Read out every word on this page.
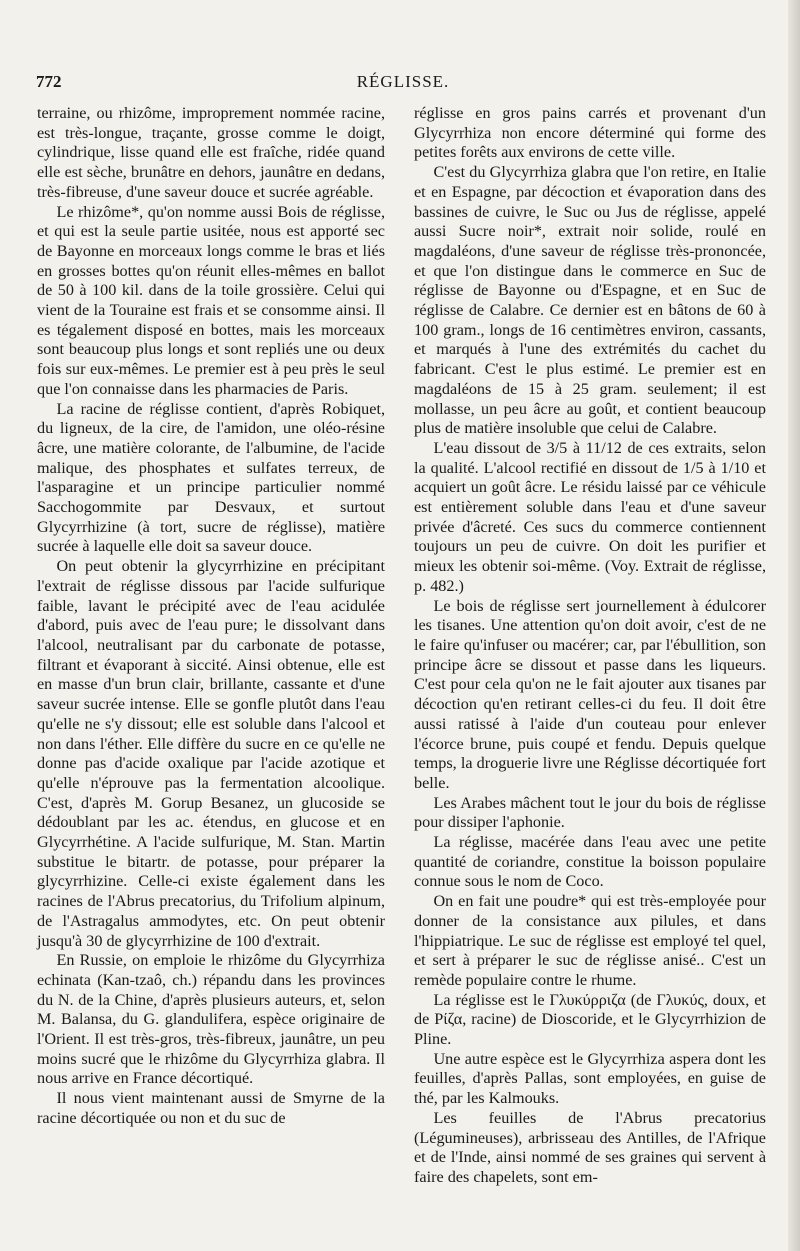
772	RÉGLISSE.

terraine, ou rhizôme, improprement nommée racine, est très-longue, traçante, grosse comme le doigt, cylindrique, lisse quand elle est fraîche, ridée quand elle est sèche, brunâtre en dehors, jaunâtre en dedans, très-fibreuse, d'une saveur douce et sucrée agréable.

Le rhizôme*, qu'on nomme aussi Bois de réglisse, et qui est la seule partie usitée, nous est apporté sec de Bayonne en morceaux longs comme le bras et liés en grosses bottes qu'on réunit elles-mêmes en ballot de 50 à 100 kil. dans de la toile grossière. Celui qui vient de la Touraine est frais et se consomme ainsi. Il es tégalement disposé en bottes, mais les morceaux sont beaucoup plus longs et sont repliés une ou deux fois sur eux-mêmes. Le premier est à peu près le seul que l'on connaisse dans les pharmacies de Paris.

La racine de réglisse contient, d'après Robiquet, du ligneux, de la cire, de l'amidon, une oléo-résine âcre, une matière colorante, de l'albumine, de l'acide malique, des phosphates et sulfates terreux, de l'asparagine et un principe particulier nommé Sacchogommite par Desvaux, et surtout Glycyrrhizine (à tort, sucre de réglisse), matière sucrée à laquelle elle doit sa saveur douce.

On peut obtenir la glycyrrhizine en précipitant l'extrait de réglisse dissous par l'acide sulfurique faible, lavant le précipité avec de l'eau acidulée d'abord, puis avec de l'eau pure; le dissolvant dans l'alcool, neutralisant par du carbonate de potasse, filtrant et évaporant à siccité. Ainsi obtenue, elle est en masse d'un brun clair, brillante, cassante et d'une saveur sucrée intense. Elle se gonfle plutôt dans l'eau qu'elle ne s'y dissout; elle est soluble dans l'alcool et non dans l'éther. Elle diffère du sucre en ce qu'elle ne donne pas d'acide oxalique par l'acide azotique et qu'elle n'éprouve pas la fermentation alcoolique. C'est, d'après M. Gorup Besanez, un glucoside se dédoublant par les ac. étendus, en glucose et en Glycyrrhétine. A l'acide sulfurique, M. Stan. Martin substitue le bitartr. de potasse, pour préparer la glycyrrhizine. Celle-ci existe également dans les racines de l'Abrus precatorius, du Trifolium alpinum, de l'Astragalus ammodytes, etc. On peut obtenir jusqu'à 30 de glycyrrhizine de 100 d'extrait.

En Russie, on emploie le rhizôme du Glycyrrhiza echinata (Kan-tzaô, ch.) répandu dans les provinces du N. de la Chine, d'après plusieurs auteurs, et, selon M. Balansa, du G. glandulifera, espèce originaire de l'Orient. Il est très-gros, très-fibreux, jaunâtre, un peu moins sucré que le rhizôme du Glycyrrhiza glabra. Il nous arrive en France décortiqué.

Il nous vient maintenant aussi de Smyrne de la racine décortiquée ou non et du suc de

réglisse en gros pains carrés et provenant d'un Glycyrrhiza non encore déterminé qui forme des petites forêts aux environs de cette ville.

C'est du Glycyrrhiza glabra que l'on retire, en Italie et en Espagne, par décoction et évaporation dans des bassines de cuivre, le Suc ou Jus de réglisse, appelé aussi Sucre noir*, extrait noir solide, roulé en magdaléons, d'une saveur de réglisse très-prononcée, et que l'on distingue dans le commerce en Suc de réglisse de Bayonne ou d'Espagne, et en Suc de réglisse de Calabre. Ce dernier est en bâtons de 60 à 100 gram., longs de 16 centimètres environ, cassants, et marqués à l'une des extrémités du cachet du fabricant. C'est le plus estimé. Le premier est en magdaléons de 15 à 25 gram. seulement; il est mollasse, un peu âcre au goût, et contient beaucoup plus de matière insoluble que celui de Calabre.

L'eau dissout de 3/5 à 11/12 de ces extraits, selon la qualité. L'alcool rectifié en dissout de 1/5 à 1/10 et acquiert un goût âcre. Le résidu laissé par ce véhicule est entièrement soluble dans l'eau et d'une saveur privée d'âcreté. Ces sucs du commerce contiennent toujours un peu de cuivre. On doit les purifier et mieux les obtenir soi-même. (Voy. Extrait de réglisse, p. 482.)

Le bois de réglisse sert journellement à édulcorer les tisanes. Une attention qu'on doit avoir, c'est de ne le faire qu'infuser ou macérer; car, par l'ébullition, son principe âcre se dissout et passe dans les liqueurs. C'est pour cela qu'on ne le fait ajouter aux tisanes par décoction qu'en retirant celles-ci du feu. Il doit être aussi ratissé à l'aide d'un couteau pour enlever l'écorce brune, puis coupé et fendu. Depuis quelque temps, la droguerie livre une Réglisse décortiquée fort belle.

Les Arabes mâchent tout le jour du bois de réglisse pour dissiper l'aphonie.

La réglisse, macérée dans l'eau avec une petite quantité de coriandre, constitue la boisson populaire connue sous le nom de Coco.

On en fait une poudre* qui est très-employée pour donner de la consistance aux pilules, et dans l'hippiatrique. Le suc de réglisse est employé tel quel, et sert à préparer le suc de réglisse anisé.. C'est un remède populaire contre le rhume.

La réglisse est le Γλυκύρριζα (de Γλυκύς, doux, et de Ρίζα, racine) de Dioscoride, et le Glycyrrhizion de Pline.

Une autre espèce est le Glycyrrhiza aspera dont les feuilles, d'après Pallas, sont employées, en guise de thé, par les Kalmouks.

Les feuilles de l'Abrus precatorius (Légumineuses), arbrisseau des Antilles, de l'Afrique et de l'Inde, ainsi nommé de ses graines qui servent à faire des chapelets, sont em-
